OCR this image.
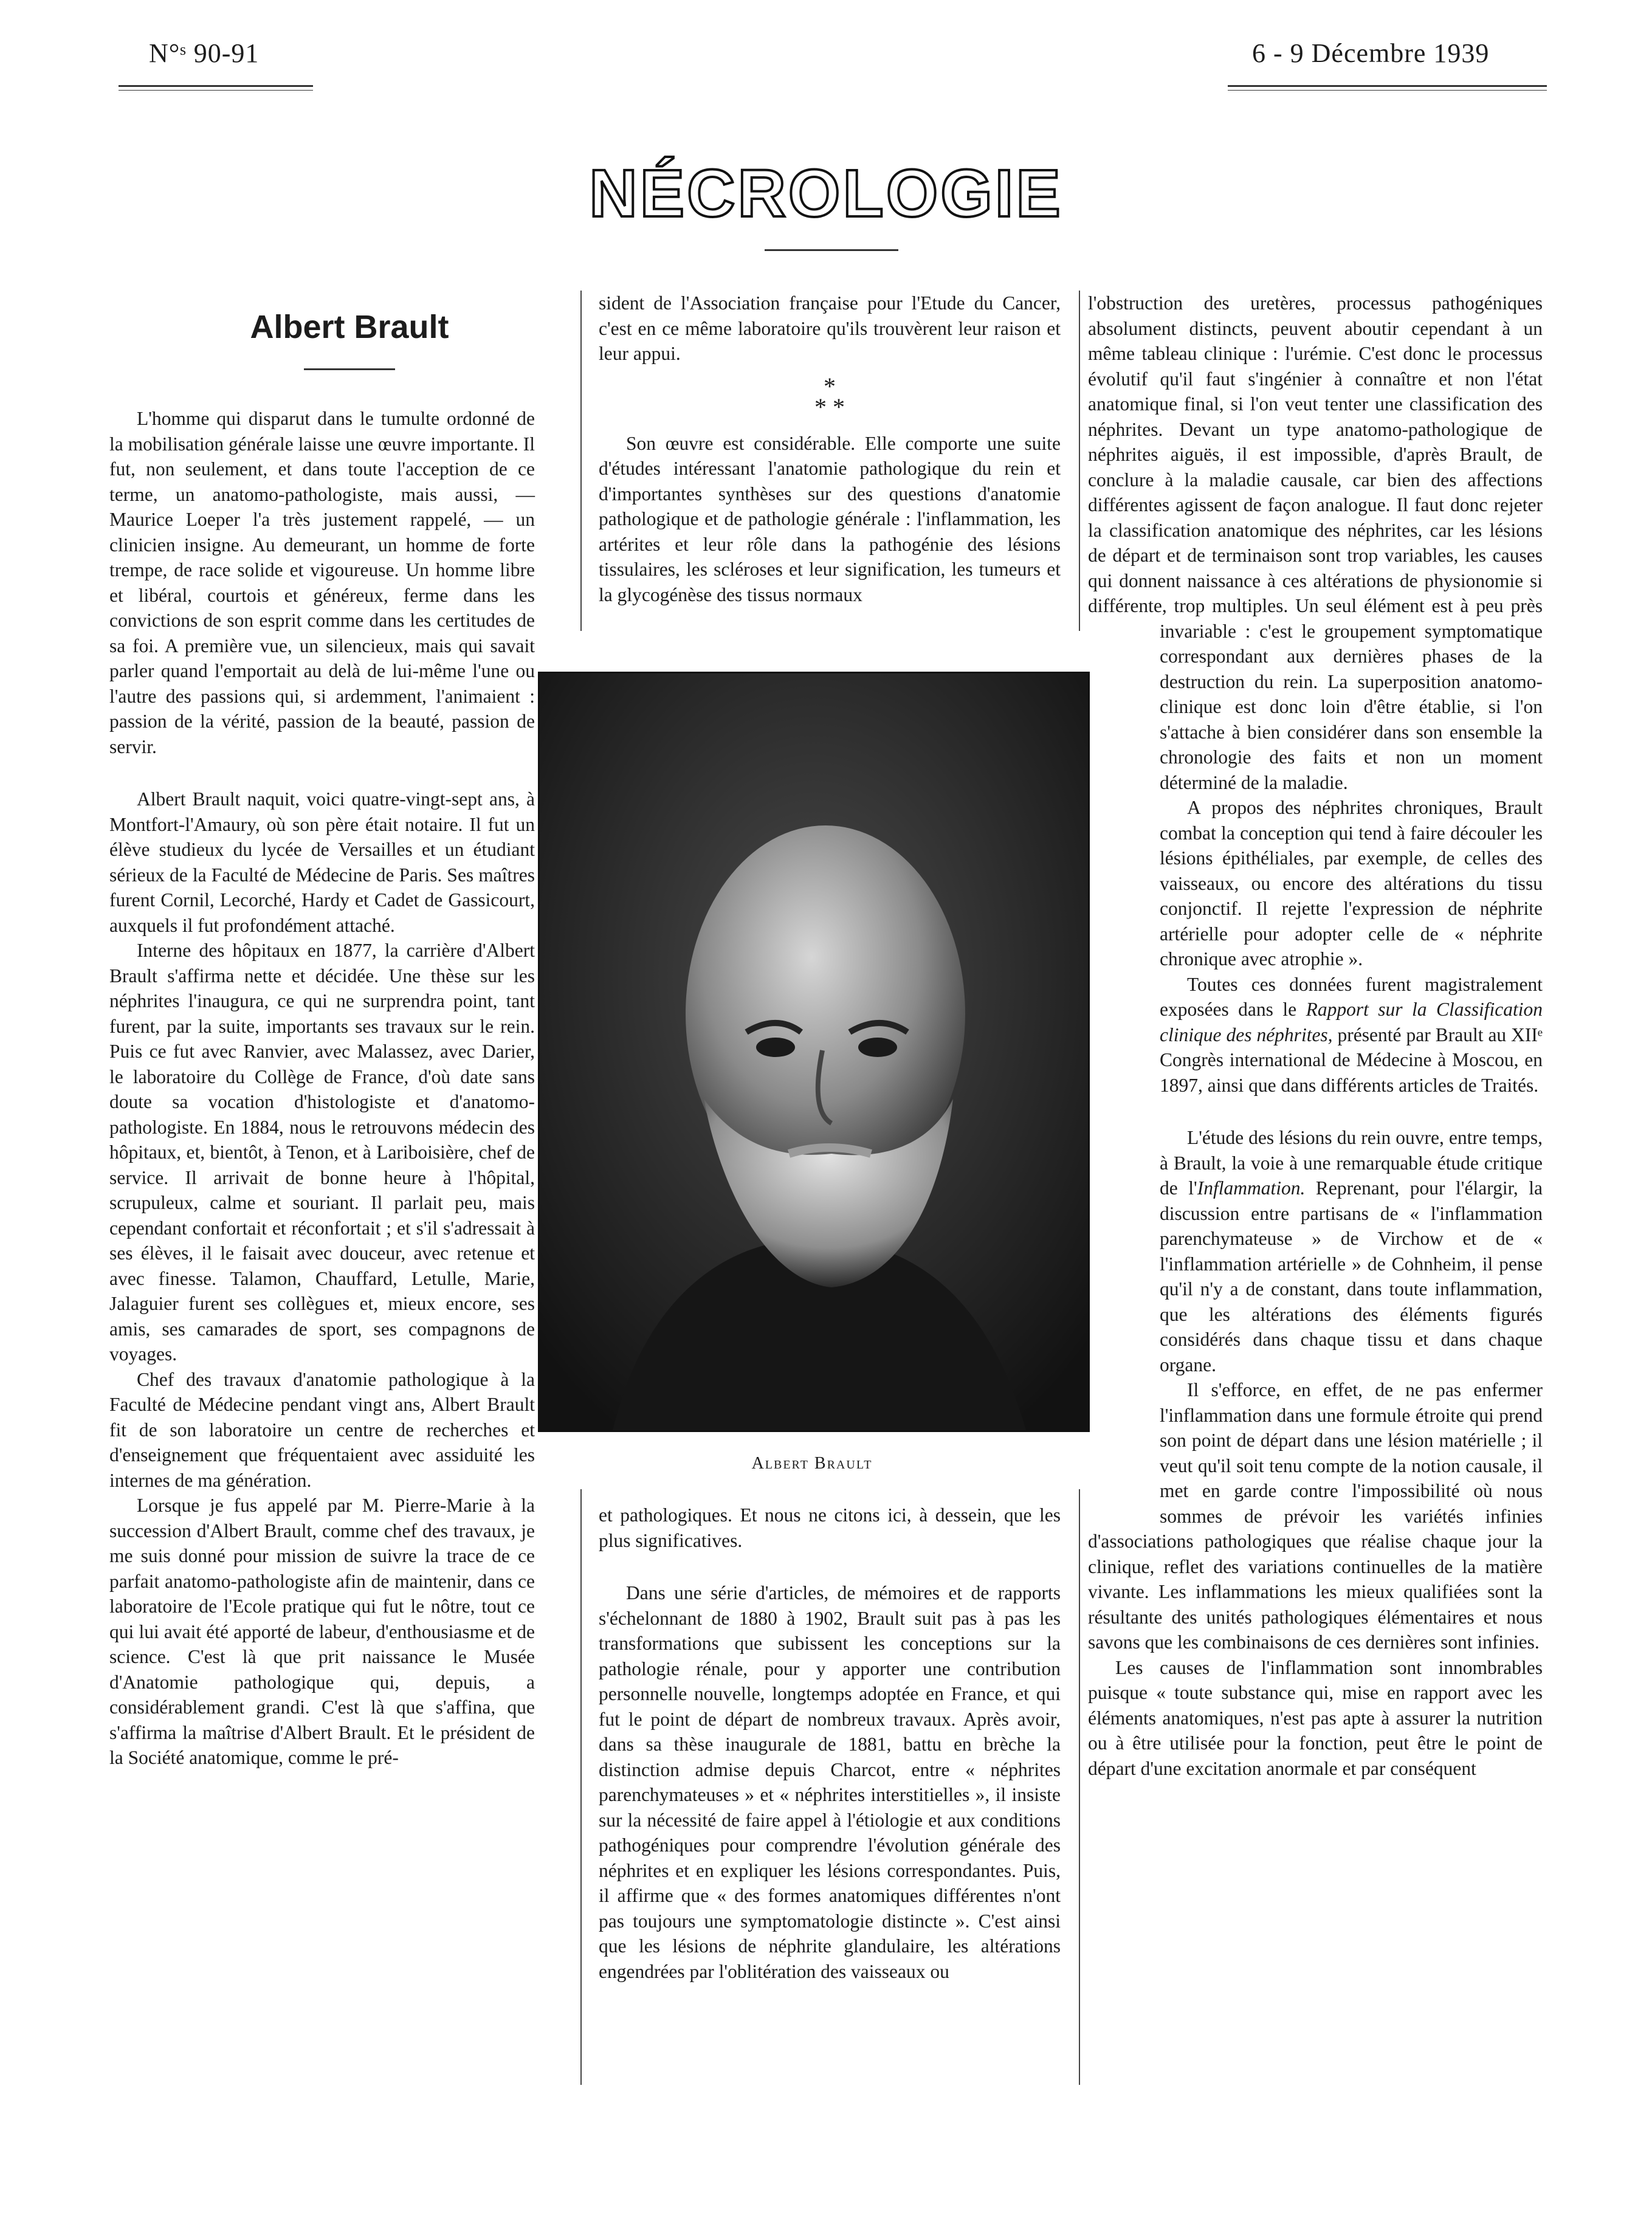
N°ˢ 90-91	6 - 9 Décembre 1939
NÉCROLOGIE
Albert Brault

L'homme qui disparut dans le tumulte ordonné de la mobilisation générale laisse une œuvre importante. Il fut, non seulement, et dans toute l'acception de ce terme, un anatomo-pathologiste, mais aussi, — Maurice Loeper l'a très justement rappelé, — un clinicien insigne. Au demeurant, un homme de forte trempe, de race solide et vigoureuse. Un homme libre et libéral, courtois et généreux, ferme dans les convictions de son esprit comme dans les certitudes de sa foi. A première vue, un silencieux, mais qui savait parler quand l'emportait au delà de lui-même l'une ou l'autre des passions qui, si ardemment, l'animaient : passion de la vérité, passion de la beauté, passion de servir.

Albert Brault naquit, voici quatre-vingt-sept ans, à Montfort-l'Amaury, où son père était notaire. Il fut un élève studieux du lycée de Versailles et un étudiant sérieux de la Faculté de Médecine de Paris. Ses maîtres furent Cornil, Lecorché, Hardy et Cadet de Gassicourt, auxquels il fut profondément attaché.

Interne des hôpitaux en 1877, la carrière d'Albert Brault s'affirma nette et décidée. Une thèse sur les néphrites l'inaugura, ce qui ne surprendra point, tant furent, par la suite, importants ses travaux sur le rein. Puis ce fut avec Ranvier, avec Malassez, avec Darier, le laboratoire du Collège de France, d'où date sans doute sa vocation d'histologiste et d'anatomo-pathologiste. En 1884, nous le retrouvons médecin des hôpitaux, et, bientôt, à Tenon, et à Lariboisière, chef de service. Il arrivait de bonne heure à l'hôpital, scrupuleux, calme et souriant. Il parlait peu, mais cependant confortait et réconfortait ; et s'il s'adressait à ses élèves, il le faisait avec douceur, avec retenue et avec finesse. Talamon, Chauffard, Letulle, Marie, Jalaguier furent ses collègues et, mieux encore, ses amis, ses camarades de sport, ses compagnons de voyages.

Chef des travaux d'anatomie pathologique à la Faculté de Médecine pendant vingt ans, Albert Brault fit de son laboratoire un centre de recherches et d'enseignement que fréquentaient avec assiduité les internes de ma génération.

Lorsque je fus appelé par M. Pierre-Marie à la succession d'Albert Brault, comme chef des travaux, je me suis donné pour mission de suivre la trace de ce parfait anatomo-pathologiste afin de maintenir, dans ce laboratoire de l'Ecole pratique qui fut le nôtre, tout ce qui lui avait été apporté de labeur, d'enthousiasme et de science. C'est là que prit naissance le Musée d'Anatomie pathologique qui, depuis, a considérablement grandi. C'est là que s'affina, que s'affirma la maîtrise d'Albert Brault. Et le président de la Société anatomique, comme le pré-

sident de l'Association française pour l'Etude du Cancer, c'est en ce même laboratoire qu'ils trouvèrent leur raison et leur appui.

*
* *

Son œuvre est considérable. Elle comporte une suite d'études intéressant l'anatomie pathologique du rein et d'importantes synthèses sur des questions d'anatomie pathologique et de pathologie générale : l'inflammation, les artérites et leur rôle dans la pathogénie des lésions tissulaires, les scléroses et leur signification, les tumeurs et la glycogénèse des tissus normaux

Albert Brault

et pathologiques. Et nous ne citons ici, à dessein, que les plus significatives.

Dans une série d'articles, de mémoires et de rapports s'échelonnant de 1880 à 1902, Brault suit pas à pas les transformations que subissent les conceptions sur la pathologie rénale, pour y apporter une contribution personnelle nouvelle, longtemps adoptée en France, et qui fut le point de départ de nombreux travaux. Après avoir, dans sa thèse inaugurale de 1881, battu en brèche la distinction admise depuis Charcot, entre « néphrites parenchymateuses » et « néphrites interstitielles », il insiste sur la nécessité de faire appel à l'étiologie et aux conditions pathogéniques pour comprendre l'évolution générale des néphrites et en expliquer les lésions correspondantes. Puis, il affirme que « des formes anatomiques différentes n'ont pas toujours une symptomatologie distincte ». C'est ainsi que les lésions de néphrite glandulaire, les altérations engendrées par l'oblitération des vaisseaux ou

l'obstruction des uretères, processus pathogéniques absolument distincts, peuvent aboutir cependant à un même tableau clinique : l'urémie. C'est donc le processus évolutif qu'il faut s'ingénier à connaître et non l'état anatomique final, si l'on veut tenter une classification des néphrites. Devant un type anatomo-pathologique de néphrites aiguës, il est impossible, d'après Brault, de conclure à la maladie causale, car bien des affections différentes agissent de façon analogue. Il faut donc rejeter la classification anatomique des néphrites, car les lésions de départ et de terminaison sont trop variables, les causes qui donnent naissance à ces altérations de physionomie si différente, trop multiples. Un seul élément est à peu près invariable : c'est le groupement symptomatique correspondant aux dernières phases de la destruction du rein. La superposition anatomo-clinique est donc loin d'être établie, si l'on s'attache à bien considérer dans son ensemble la chronologie des faits et non un moment déterminé de la maladie.

A propos des néphrites chroniques, Brault combat la conception qui tend à faire découler les lésions épithéliales, par exemple, de celles des vaisseaux, ou encore des altérations du tissu conjonctif. Il rejette l'expression de néphrite artérielle pour adopter celle de « néphrite chronique avec atrophie ».

Toutes ces données furent magistralement exposées dans le Rapport sur la Classification clinique des néphrites, présenté par Brault au XIIᵉ Congrès international de Médecine à Moscou, en 1897, ainsi que dans différents articles de Traités.

L'étude des lésions du rein ouvre, entre temps, à Brault, la voie à une remarquable étude critique de l'Inflammation. Reprenant, pour l'élargir, la discussion entre partisans de « l'inflammation parenchymateuse » de Virchow et de « l'inflammation artérielle » de Cohnheim, il pense qu'il n'y a de constant, dans toute inflammation, que les altérations des éléments figurés considérés dans chaque tissu et dans chaque organe.

Il s'efforce, en effet, de ne pas enfermer l'inflammation dans une formule étroite qui prend son point de départ dans une lésion matérielle ; il veut qu'il soit tenu compte de la notion causale, il met en garde contre l'impossibilité où nous sommes de prévoir les variétés infinies d'associations pathologiques que réalise chaque jour la clinique, reflet des variations continuelles de la matière vivante. Les inflammations les mieux qualifiées sont la résultante des unités pathologiques élémentaires et nous savons que les combinaisons de ces dernières sont infinies.

Les causes de l'inflammation sont innombrables puisque « toute substance qui, mise en rapport avec les éléments anatomiques, n'est pas apte à assurer la nutrition ou à être utilisée pour la fonction, peut être le point de départ d'une excitation anormale et par conséquent
